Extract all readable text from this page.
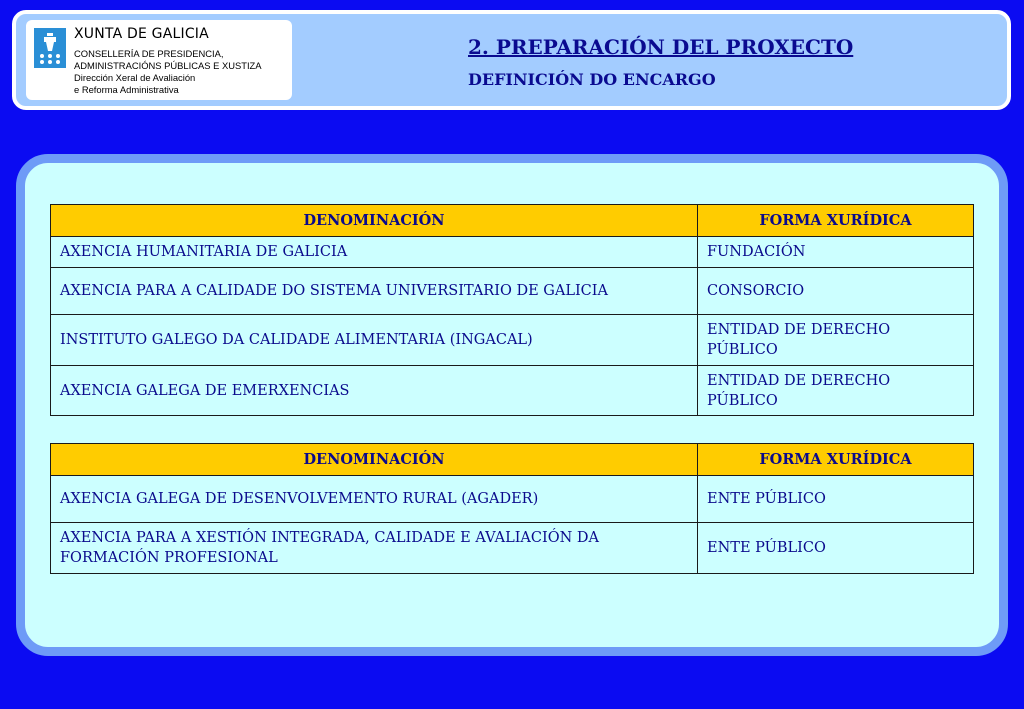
XUNTA DE GALICIA
CONSELLERÍA DE PRESIDENCIA,
ADMINISTRACIÓNS PÚBLICAS E XUSTIZA
Dirección Xeral de Avaliación
e Reforma Administrativa
2. PREPARACIÓN DEL PROXECTO
DEFINICIÓN DO ENCARGO
DENOMINACIÓN	FORMA XURÍDICA
AXENCIA HUMANITARIA DE GALICIA	FUNDACIÓN
AXENCIA PARA A CALIDADE DO SISTEMA UNIVERSITARIO DE GALICIA	CONSORCIO
INSTITUTO GALEGO DA CALIDADE ALIMENTARIA (INGACAL)	ENTIDAD DE DERECHO PÚBLICO
AXENCIA GALEGA DE EMERXENCIAS	ENTIDAD DE DERECHO PÚBLICO
DENOMINACIÓN	FORMA XURÍDICA
AXENCIA GALEGA DE DESENVOLVEMENTO RURAL (AGADER)	ENTE PÚBLICO
AXENCIA PARA A XESTIÓN INTEGRADA, CALIDADE E AVALIACIÓN DA FORMACIÓN PROFESIONAL	ENTE PÚBLICO
